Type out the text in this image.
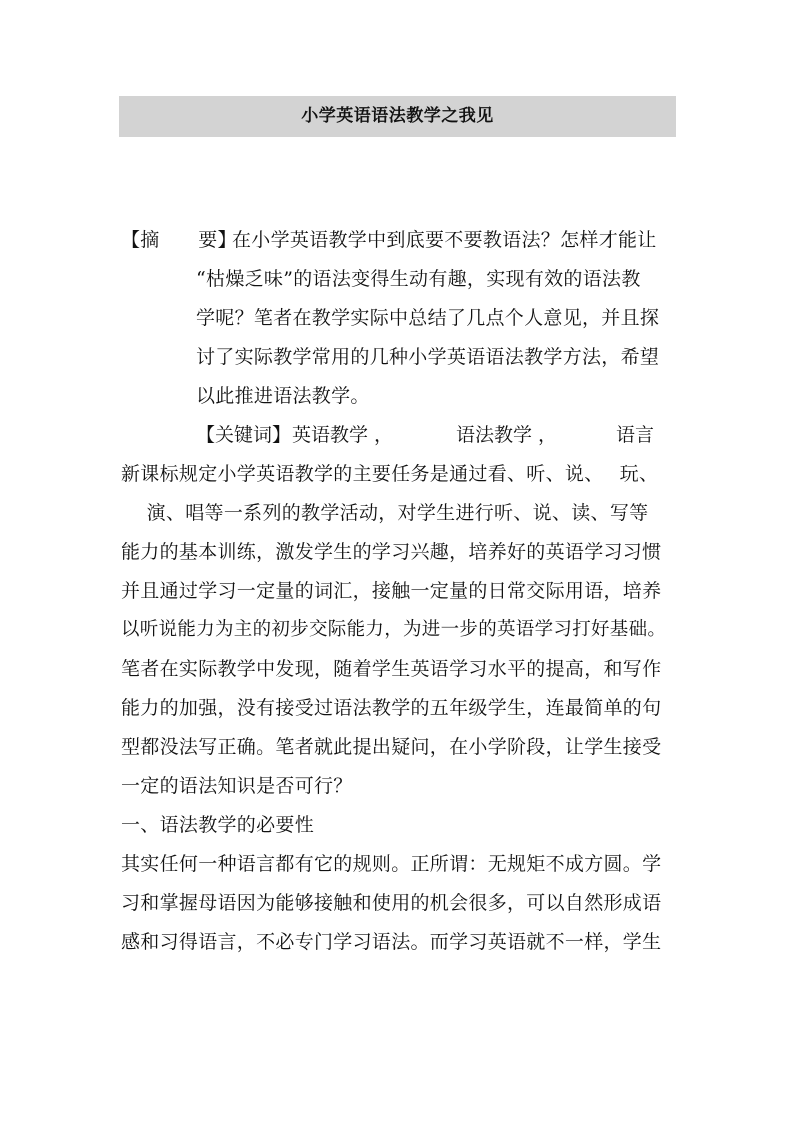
小学英语语法教学之我见
【摘　　要】
在小学英语教学中到底要不要教语法？怎样才能让
“枯燥乏味”的语法变得生动有趣，实现有效的语法教
学呢？笔者在教学实际中总结了几点个人意见，并且探
讨了实际教学常用的几种小学英语语法教学方法，希望
以此推进语法教学。
【关键词】 英语教学 ，	语法教学 ，	语言
新课标规定小学英语教学的主要任务是通过看、听、说、　 玩、
　 演、唱等一系列的教学活动，对学生进行听、说、读、写等
能力的基本训练，激发学生的学习兴趣，培养好的英语学习习惯
并且通过学习一定量的词汇，接触一定量的日常交际用语，培养
以听说能力为主的初步交际能力，为进一步的英语学习打好基础。
笔者在实际教学中发现，随着学生英语学习水平的提高，和写作
能力的加强，没有接受过语法教学的五年级学生，连最简单的句
型都没法写正确。笔者就此提出疑问，在小学阶段，让学生接受
一定的语法知识是否可行？
一、语法教学的必要性
其实任何一种语言都有它的规则。正所谓：无规矩不成方圆。学
习和掌握母语因为能够接触和使用的机会很多，可以自然形成语
感和习得语言，不必专门学习语法。而学习英语就不一样，学生
